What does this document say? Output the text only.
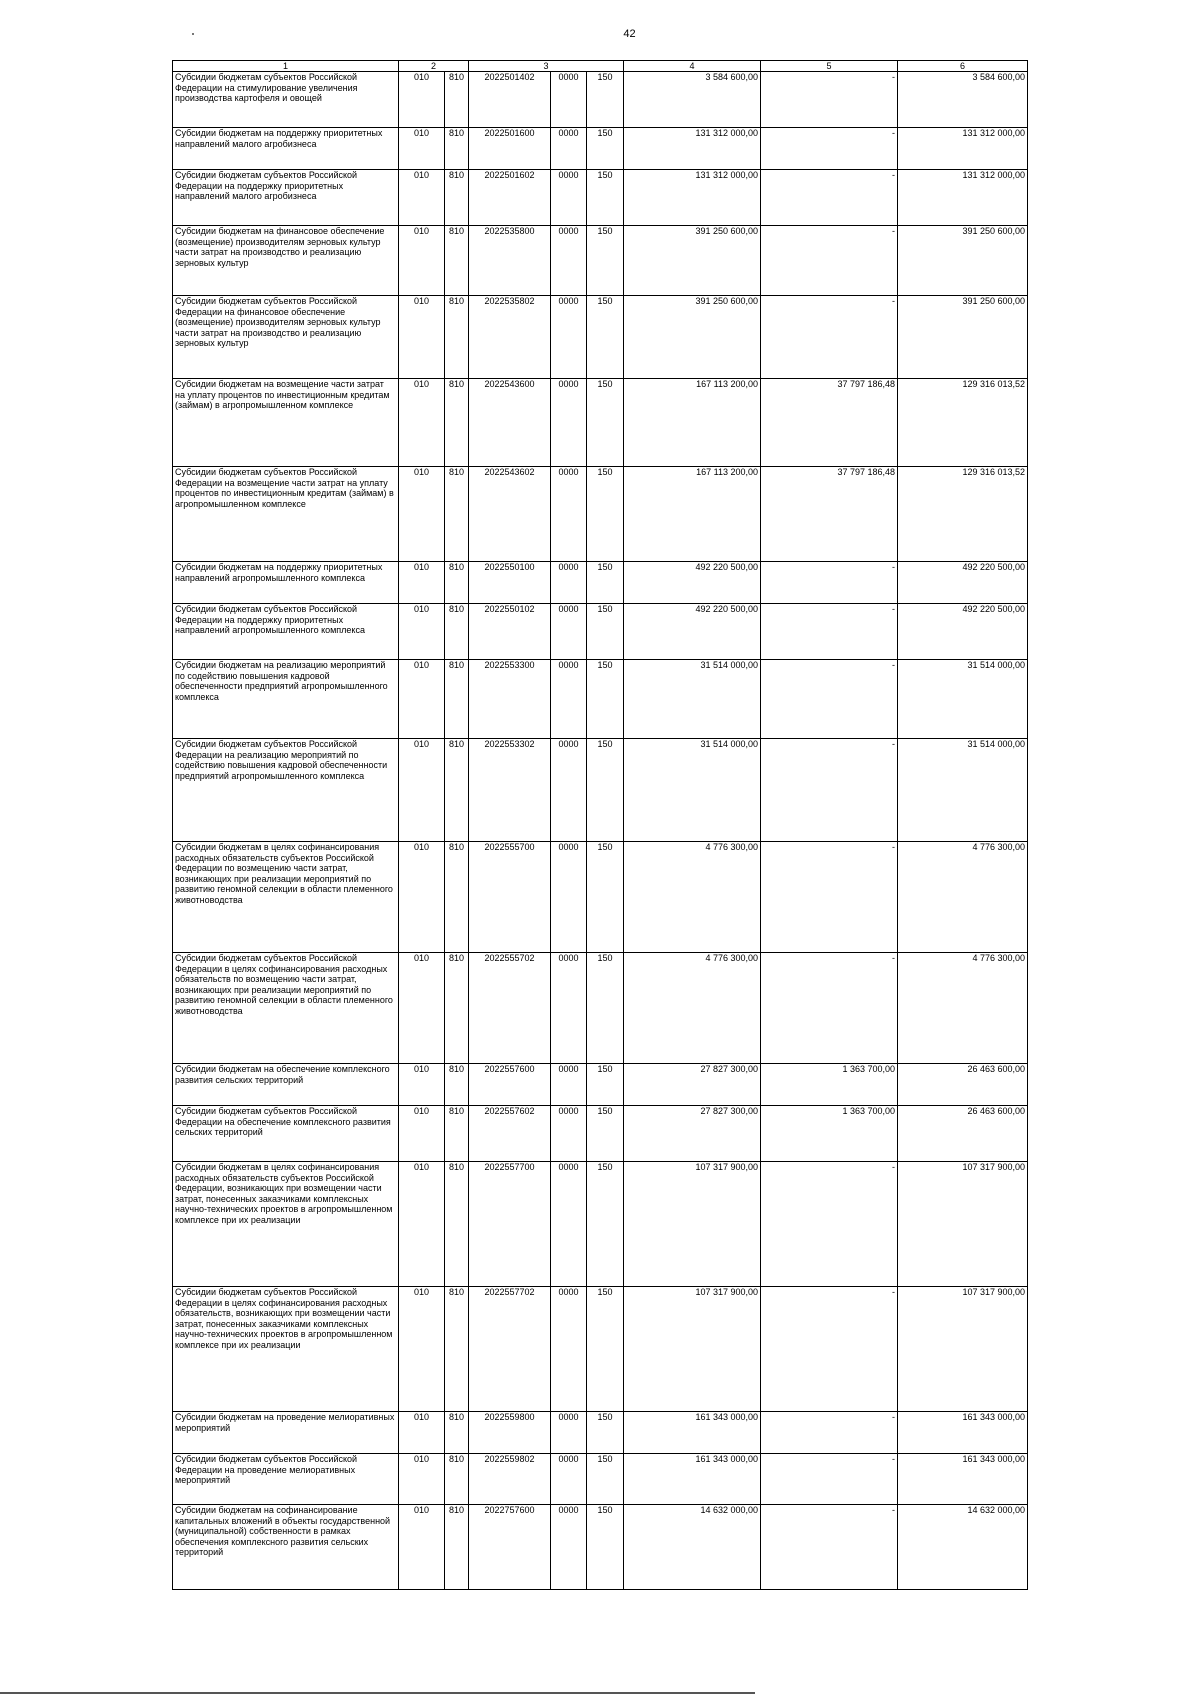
42
1	2		3			4	5	6
Субсидии бюджетам субъектов Российской Федерации на стимулирование увеличения производства картофеля и овощей	010	810	2022501402	0000	150	3 584 600,00	-	3 584 600,00
Субсидии бюджетам на поддержку приоритетных направлений малого агробизнеса	010	810	2022501600	0000	150	131 312 000,00	-	131 312 000,00
Субсидии бюджетам субъектов Российской Федерации на поддержку приоритетных направлений малого агробизнеса	010	810	2022501602	0000	150	131 312 000,00	-	131 312 000,00
Субсидии бюджетам на финансовое обеспечение (возмещение) производителям зерновых культур части затрат на производство и реализацию зерновых культур	010	810	2022535800	0000	150	391 250 600,00	-	391 250 600,00
Субсидии бюджетам субъектов Российской Федерации на финансовое обеспечение (возмещение) производителям зерновых культур части затрат на производство и реализацию зерновых культур	010	810	2022535802	0000	150	391 250 600,00	-	391 250 600,00
Субсидии бюджетам на возмещение части затрат на уплату процентов по инвестиционным кредитам (займам) в агропромышленном комплексе	010	810	2022543600	0000	150	167 113 200,00	37 797 186,48	129 316 013,52
Субсидии бюджетам субъектов Российской Федерации на возмещение части затрат на уплату процентов по инвестиционным кредитам (займам) в агропромышленном комплексе	010	810	2022543602	0000	150	167 113 200,00	37 797 186,48	129 316 013,52
Субсидии бюджетам на поддержку приоритетных направлений агропромышленного комплекса	010	810	2022550100	0000	150	492 220 500,00	-	492 220 500,00
Субсидии бюджетам субъектов Российской Федерации на поддержку приоритетных направлений агропромышленного комплекса	010	810	2022550102	0000	150	492 220 500,00	-	492 220 500,00
Субсидии бюджетам на реализацию мероприятий по содействию повышения кадровой обеспеченности предприятий агропромышленного комплекса	010	810	2022553300	0000	150	31 514 000,00	-	31 514 000,00
Субсидии бюджетам субъектов Российской Федерации на реализацию мероприятий по содействию повышения кадровой обеспеченности предприятий агропромышленного комплекса	010	810	2022553302	0000	150	31 514 000,00	-	31 514 000,00
Субсидии бюджетам в целях софинансирования расходных обязательств субъектов Российской Федерации по возмещению части затрат, возникающих при реализации мероприятий по развитию геномной селекции в области племенного животноводства	010	810	2022555700	0000	150	4 776 300,00	-	4 776 300,00
Субсидии бюджетам субъектов Российской Федерации в целях софинансирования расходных обязательств по возмещению части затрат, возникающих при реализации мероприятий по развитию геномной селекции в области племенного животноводства	010	810	2022555702	0000	150	4 776 300,00	-	4 776 300,00
Субсидии бюджетам на обеспечение комплексного развития сельских территорий	010	810	2022557600	0000	150	27 827 300,00	1 363 700,00	26 463 600,00
Субсидии бюджетам субъектов Российской Федерации на обеспечение комплексного развития сельских территорий	010	810	2022557602	0000	150	27 827 300,00	1 363 700,00	26 463 600,00
Субсидии бюджетам в целях софинансирования расходных обязательств субъектов Российской Федерации, возникающих при возмещении части затрат, понесенных заказчиками комплексных научно-технических проектов в агропромышленном комплексе при их реализации	010	810	2022557700	0000	150	107 317 900,00	-	107 317 900,00
Субсидии бюджетам субъектов Российской Федерации в целях софинансирования расходных обязательств, возникающих при возмещении части затрат, понесенных заказчиками комплексных научно-технических проектов в агропромышленном комплексе при их реализации	010	810	2022557702	0000	150	107 317 900,00	-	107 317 900,00
Субсидии бюджетам на проведение мелиоративных мероприятий	010	810	2022559800	0000	150	161 343 000,00	-	161 343 000,00
Субсидии бюджетам субъектов Российской Федерации на проведение мелиоративных мероприятий	010	810	2022559802	0000	150	161 343 000,00	-	161 343 000,00
Субсидии бюджетам на софинансирование капитальных вложений в объекты государственной (муниципальной) собственности в рамках обеспечения комплексного развития сельских территорий	010	810	2022757600	0000	150	14 632 000,00	-	14 632 000,00
